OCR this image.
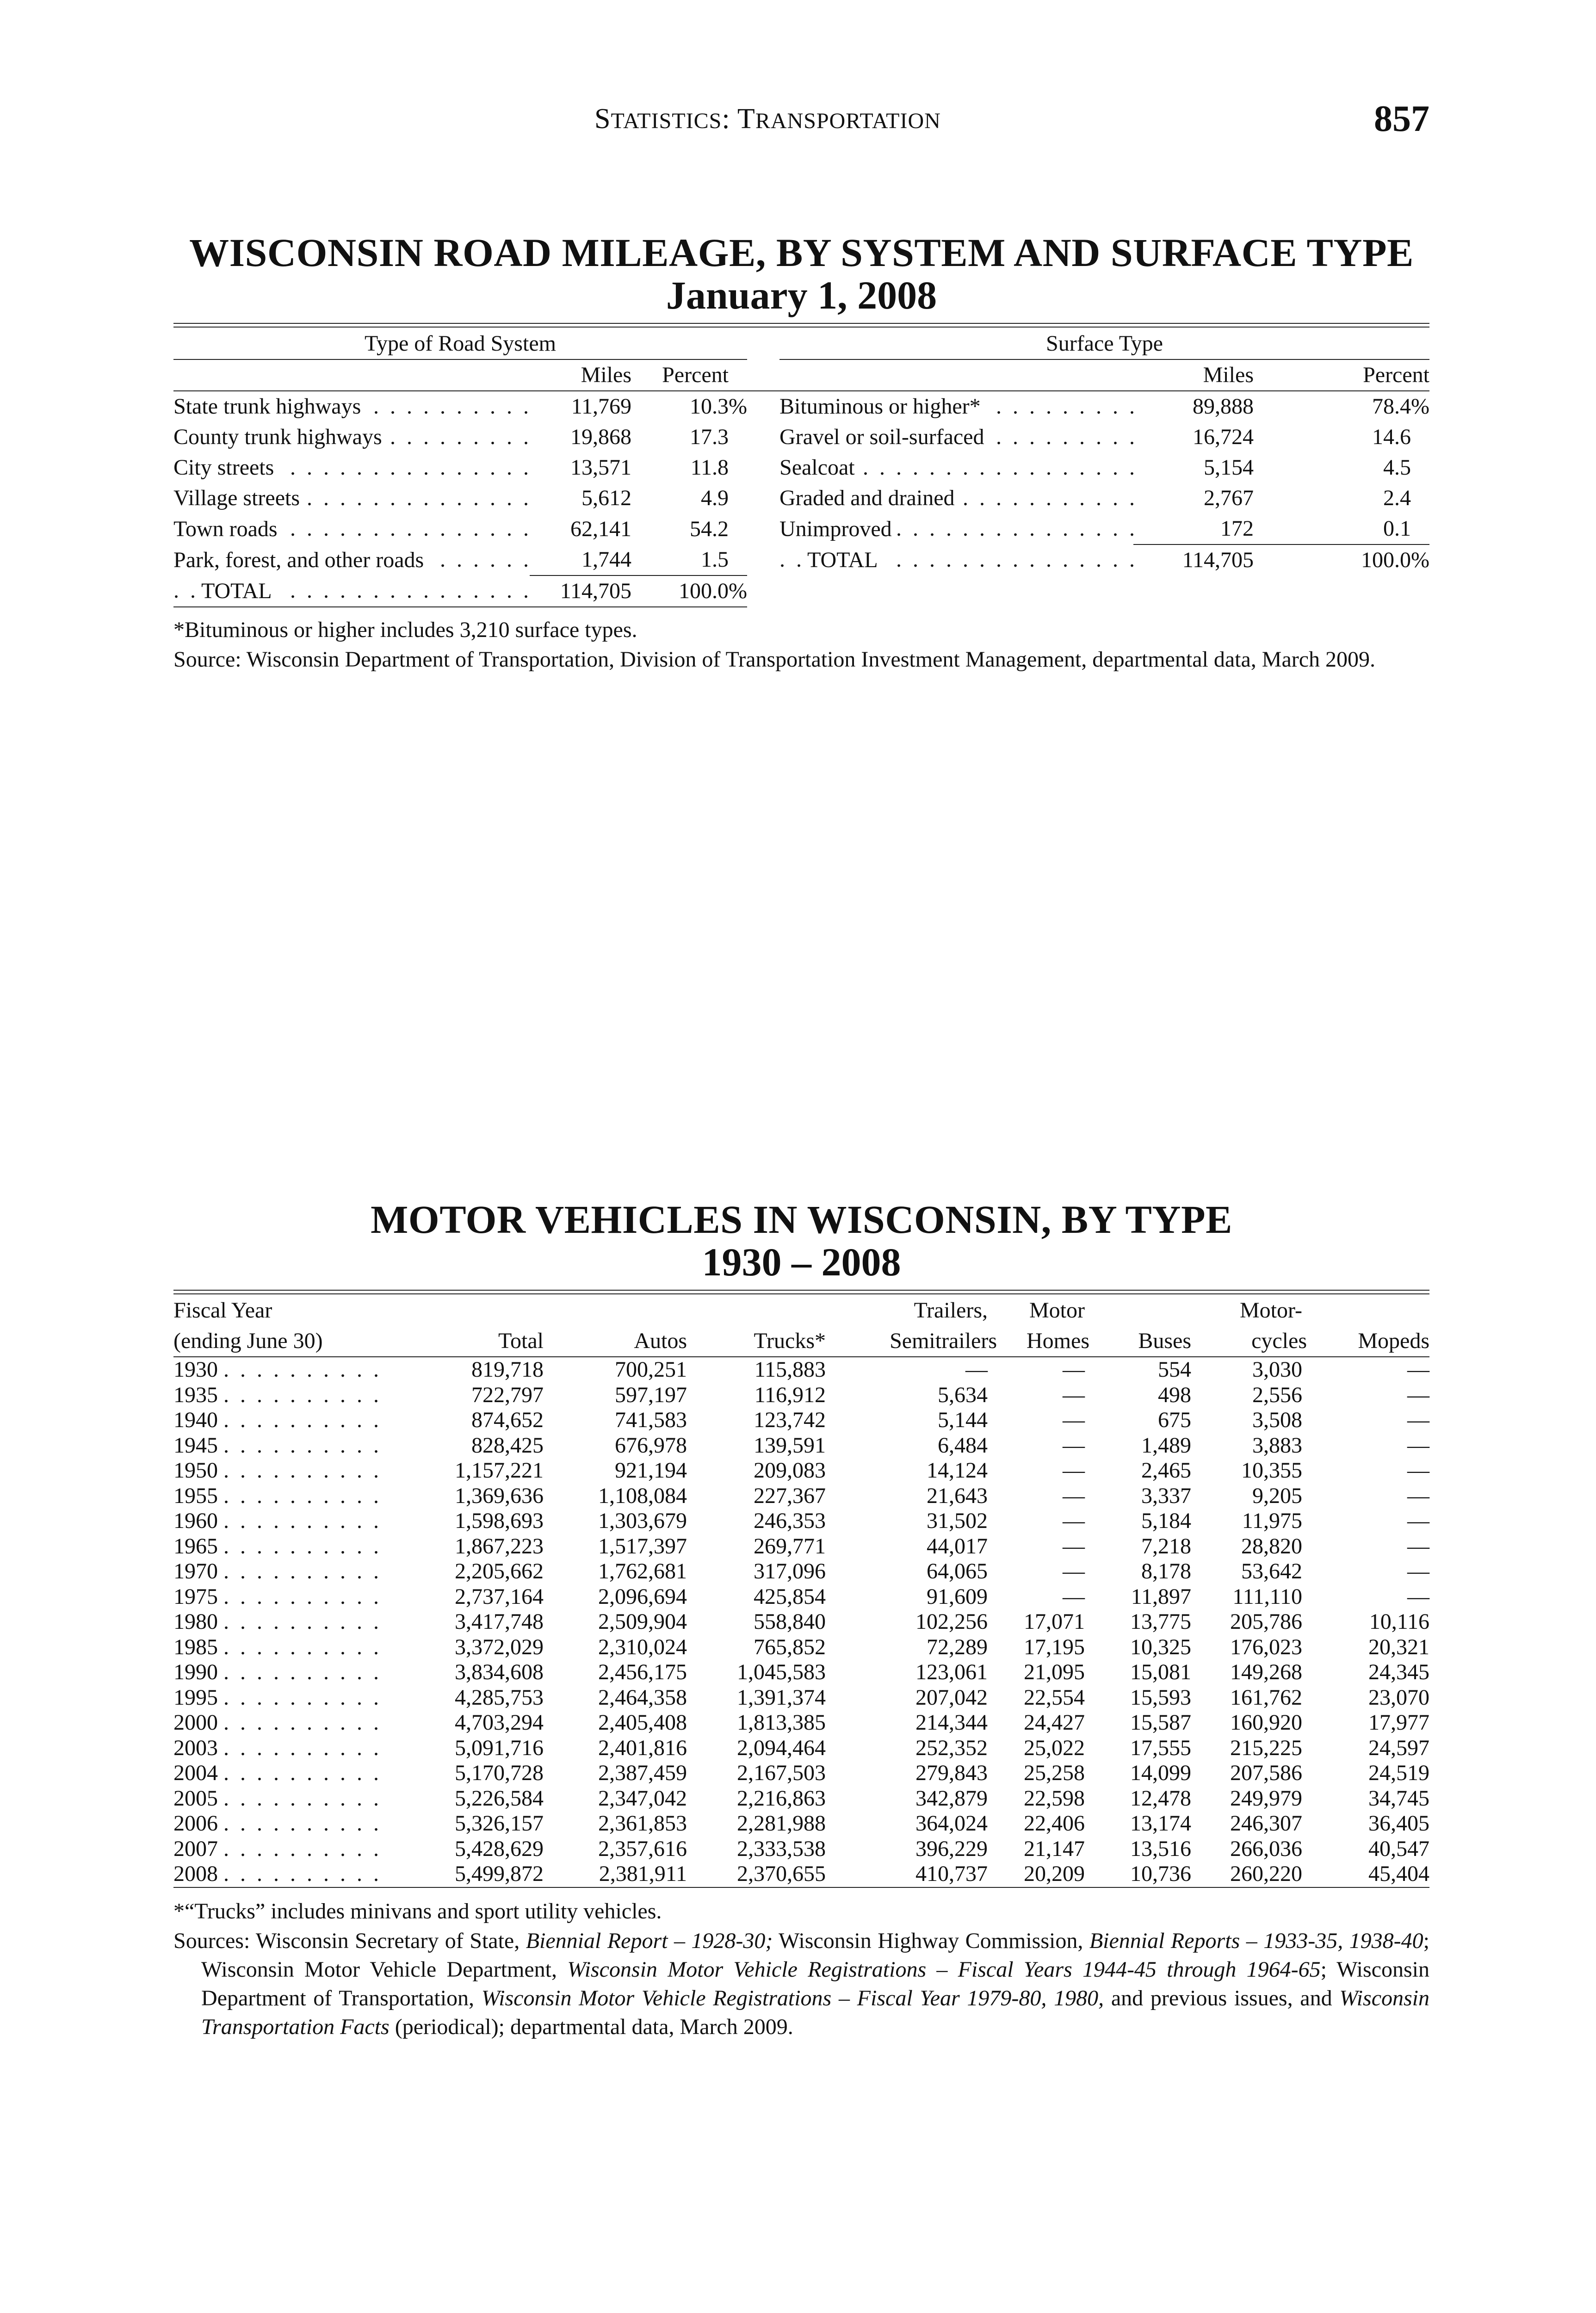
STATISTICS: TRANSPORTATION	857
WISCONSIN ROAD MILEAGE, BY SYSTEM AND SURFACE TYPE
January 1, 2008
Type of Road System				Surface Type		
	Miles	Percent			Miles	Percent
State trunk highways . . .	11,769	10.3%		Bituminous or higher* . . .	89,888	78.4%
County trunk highways . . .	19,868	17.3		Gravel or soil-surfaced . . .	16,724	14.6
City streets . . .	13,571	11.8		Sealcoat . . .	5,154	4.5
Village streets . . .	5,612	4.9		Graded and drained . . .	2,767	2.4
Town roads . . .	62,141	54.2		Unimproved . . .	172	0.1
Park, forest, and other roads . . .	1,744	1.5		TOTAL . . .	114,705	100.0%
TOTAL . . .	114,705	100.0%				
*Bituminous or higher includes 3,210 surface types.
Source: Wisconsin Department of Transportation, Division of Transportation Investment Management, departmental data, March 2009.
MOTOR VEHICLES IN WISCONSIN, BY TYPE
1930 – 2008
Fiscal Year				Trailers,	Motor		Motor-	
(ending June 30)	Total	Autos	Trucks*	Semitrailers	Homes	Buses	cycles	Mopeds
1930 . . .	819,718	700,251	115,883	—	—	554	3,030	—
1935 . . .	722,797	597,197	116,912	5,634	—	498	2,556	—
1940 . . .	874,652	741,583	123,742	5,144	—	675	3,508	—
1945 . . .	828,425	676,978	139,591	6,484	—	1,489	3,883	—
1950 . . .	1,157,221	921,194	209,083	14,124	—	2,465	10,355	—
1955 . . .	1,369,636	1,108,084	227,367	21,643	—	3,337	9,205	—
1960 . . .	1,598,693	1,303,679	246,353	31,502	—	5,184	11,975	—
1965 . . .	1,867,223	1,517,397	269,771	44,017	—	7,218	28,820	—
1970 . . .	2,205,662	1,762,681	317,096	64,065	—	8,178	53,642	—
1975 . . .	2,737,164	2,096,694	425,854	91,609	—	11,897	111,110	—
1980 . . .	3,417,748	2,509,904	558,840	102,256	17,071	13,775	205,786	10,116
1985 . . .	3,372,029	2,310,024	765,852	72,289	17,195	10,325	176,023	20,321
1990 . . .	3,834,608	2,456,175	1,045,583	123,061	21,095	15,081	149,268	24,345
1995 . . .	4,285,753	2,464,358	1,391,374	207,042	22,554	15,593	161,762	23,070
2000 . . .	4,703,294	2,405,408	1,813,385	214,344	24,427	15,587	160,920	17,977
2003 . . .	5,091,716	2,401,816	2,094,464	252,352	25,022	17,555	215,225	24,597
2004 . . .	5,170,728	2,387,459	2,167,503	279,843	25,258	14,099	207,586	24,519
2005 . . .	5,226,584	2,347,042	2,216,863	342,879	22,598	12,478	249,979	34,745
2006 . . .	5,326,157	2,361,853	2,281,988	364,024	22,406	13,174	246,307	36,405
2007 . . .	5,428,629	2,357,616	2,333,538	396,229	21,147	13,516	266,036	40,547
2008 . . .	5,499,872	2,381,911	2,370,655	410,737	20,209	10,736	260,220	45,404
*“Trucks” includes minivans and sport utility vehicles.
Sources: Wisconsin Secretary of State, Biennial Report – 1928-30; Wisconsin Highway Commission, Biennial Reports – 1933-35, 1938-40; Wisconsin Motor Vehicle Department, Wisconsin Motor Vehicle Registrations – Fiscal Years 1944-45 through 1964-65; Wisconsin Department of Transportation, Wisconsin Motor Vehicle Registrations – Fiscal Year 1979-80, 1980, and previous issues, and Wisconsin Transportation Facts (periodical); departmental data, March 2009.
